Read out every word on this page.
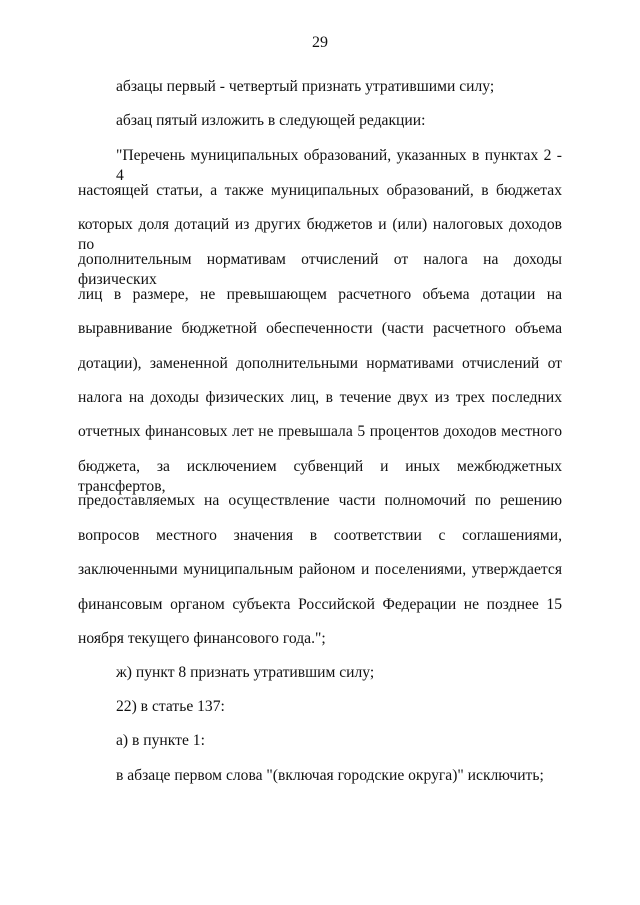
29
абзацы первый - четвертый признать утратившими силу;
абзац пятый изложить в следующей редакции:
"Перечень муниципальных образований, указанных в пунктах 2 - 4
настоящей статьи, а также муниципальных образований, в бюджетах
которых доля дотаций из других бюджетов и (или) налоговых доходов по
дополнительным нормативам отчислений от налога на доходы физических
лиц в размере, не превышающем расчетного объема дотации на
выравнивание бюджетной обеспеченности (части расчетного объема
дотации), замененной дополнительными нормативами отчислений от
налога на доходы физических лиц, в течение двух из трех последних
отчетных финансовых лет не превышала 5 процентов доходов местного
бюджета, за исключением субвенций и иных межбюджетных трансфертов,
предоставляемых на осуществление части полномочий по решению
вопросов местного значения в соответствии с соглашениями,
заключенными муниципальным районом и поселениями, утверждается
финансовым органом субъекта Российской Федерации не позднее 15
ноября текущего финансового года.";
ж) пункт 8 признать утратившим силу;
22) в статье 137:
а) в пункте 1:
в абзаце первом слова "(включая городские округа)" исключить;
